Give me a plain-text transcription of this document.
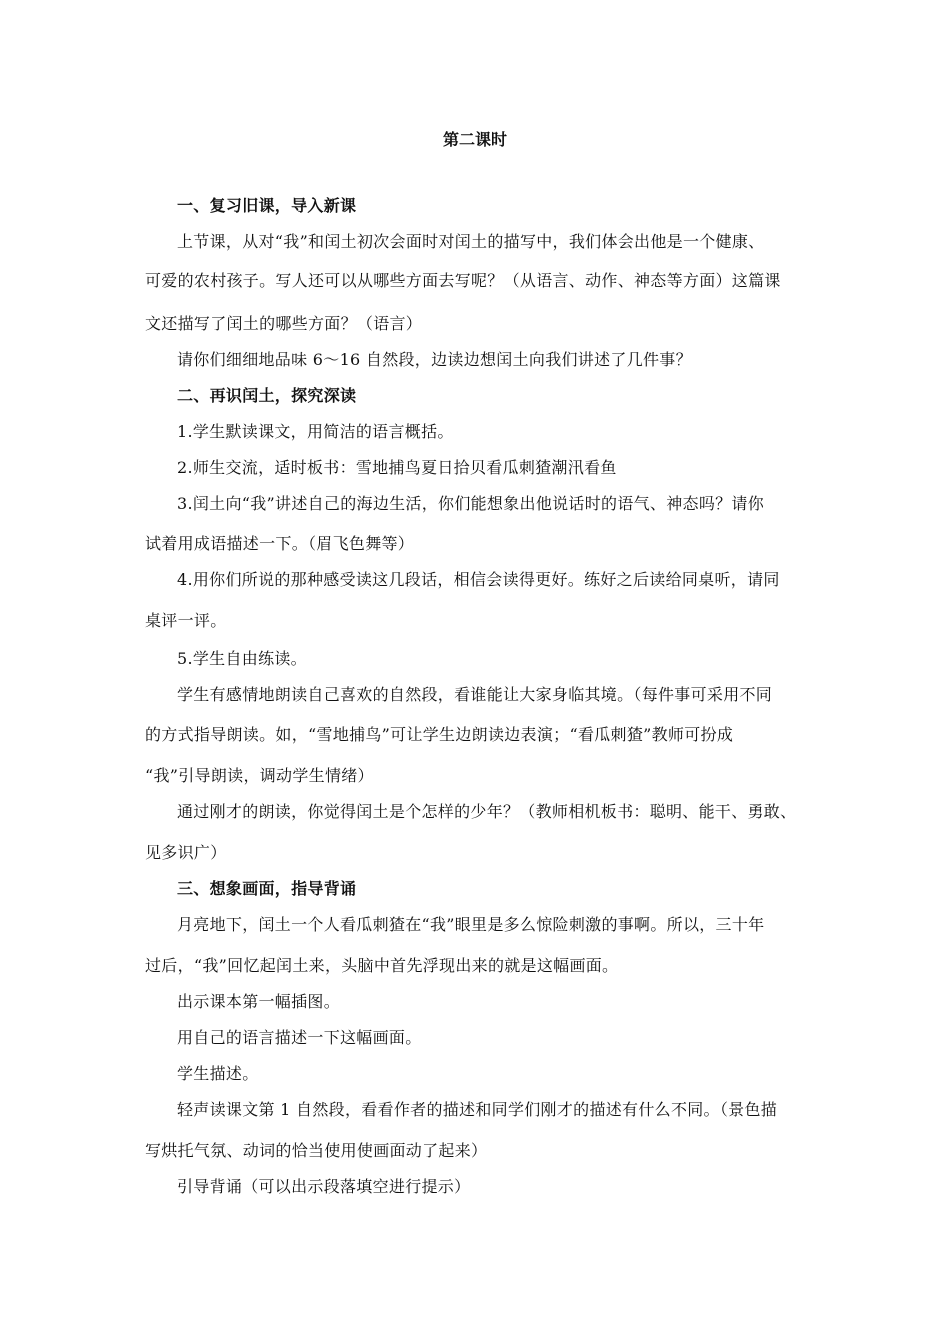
第二课时
一、复习旧课，导入新课
上节课，从对“我”和闰土初次会面时对闰土的描写中，我们体会出他是一个健康、
可爱的农村孩子。写人还可以从哪些方面去写呢？（从语言、动作、神态等方面）这篇课
文还描写了闰土的哪些方面？（语言）
请你们细细地品味 6～16 自然段，边读边想闰土向我们讲述了几件事？
二、再识闰土，探究深读
1.学生默读课文，用简洁的语言概括。
2.师生交流，适时板书：雪地捕鸟夏日拾贝看瓜刺猹潮汛看鱼
3.闰土向“我”讲述自己的海边生活，你们能想象出他说话时的语气、神态吗？请你
试着用成语描述一下。（眉飞色舞等）
4.用你们所说的那种感受读这几段话，相信会读得更好。练好之后读给同桌听，请同
桌评一评。
5.学生自由练读。
学生有感情地朗读自己喜欢的自然段，看谁能让大家身临其境。（每件事可采用不同
的方式指导朗读。如，“雪地捕鸟”可让学生边朗读边表演；“看瓜刺猹”教师可扮成
“我”引导朗读，调动学生情绪）
通过刚才的朗读，你觉得闰土是个怎样的少年？（教师相机板书：聪明、能干、勇敢、
见多识广）
三、想象画面，指导背诵
月亮地下，闰土一个人看瓜刺猹在“我”眼里是多么惊险刺激的事啊。所以，三十年
过后，“我”回忆起闰土来，头脑中首先浮现出来的就是这幅画面。
出示课本第一幅插图。
用自己的语言描述一下这幅画面。
学生描述。
轻声读课文第 1 自然段，看看作者的描述和同学们刚才的描述有什么不同。（景色描
写烘托气氛、动词的恰当使用使画面动了起来）
引导背诵（可以出示段落填空进行提示）
